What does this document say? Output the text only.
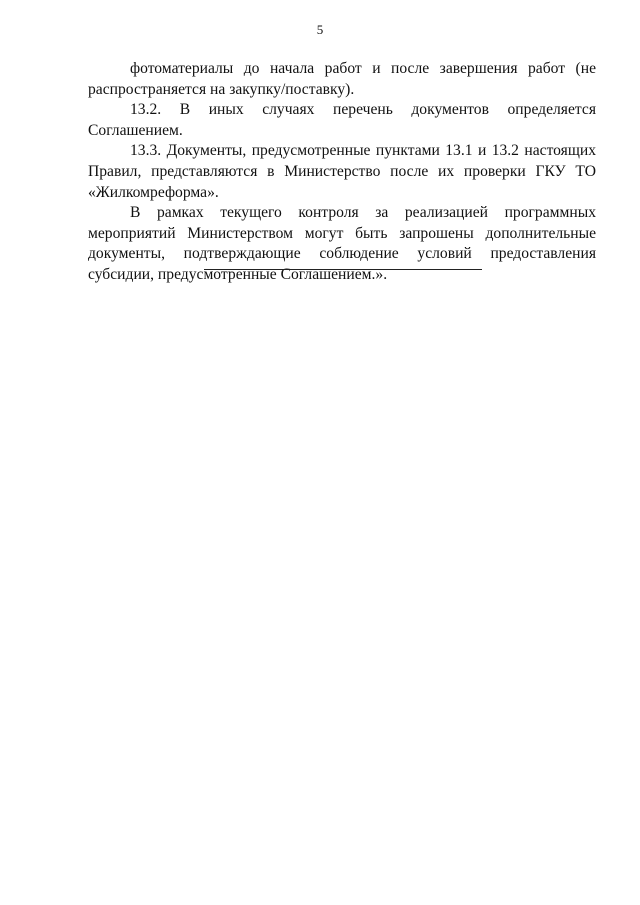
5

фотоматериалы до начала работ и после завершения работ (не распространяется на закупку/поставку).

13.2. В иных случаях перечень документов определяется Соглашением.

13.3. Документы, предусмотренные пунктами 13.1 и 13.2 настоящих Правил, представляются в Министерство после их проверки ГКУ ТО «Жилкомреформа».

В рамках текущего контроля за реализацией программных мероприятий Министерством могут быть запрошены дополнительные документы, подтверждающие соблюдение условий предоставления субсидии, предусмотренные Соглашением.».
